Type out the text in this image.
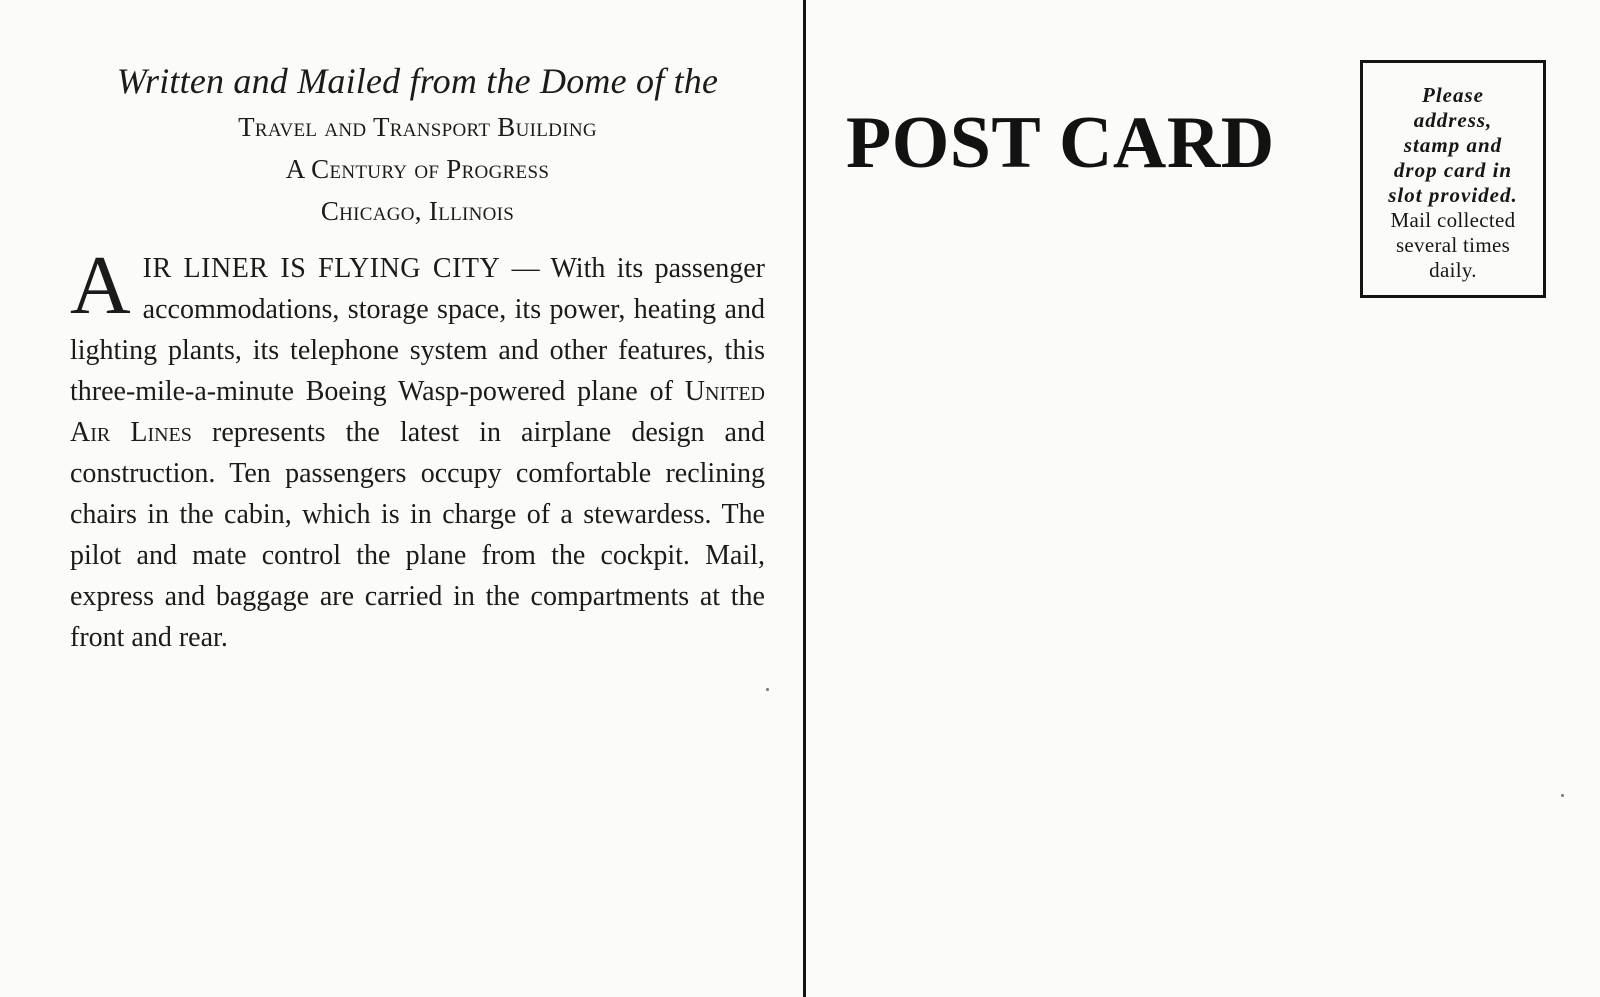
Written and Mailed from the Dome of the

Travel and Transport Building

A Century of Progress

Chicago, Illinois

AIR LINER IS FLYING CITY — With its passenger accommodations, storage space, its power, heating and lighting plants, its telephone system and other features, this three-mile-a-minute Boeing Wasp-powered plane of United Air Lines represents the latest in airplane design and construction. Ten passengers occupy comfortable reclining chairs in the cabin, which is in charge of a stewardess. The pilot and mate control the plane from the cockpit. Mail, express and baggage are carried in the compartments at the front and rear.
POST CARD
Please
address,
stamp and
drop card in
slot provided.
Mail collected
several times
daily.
